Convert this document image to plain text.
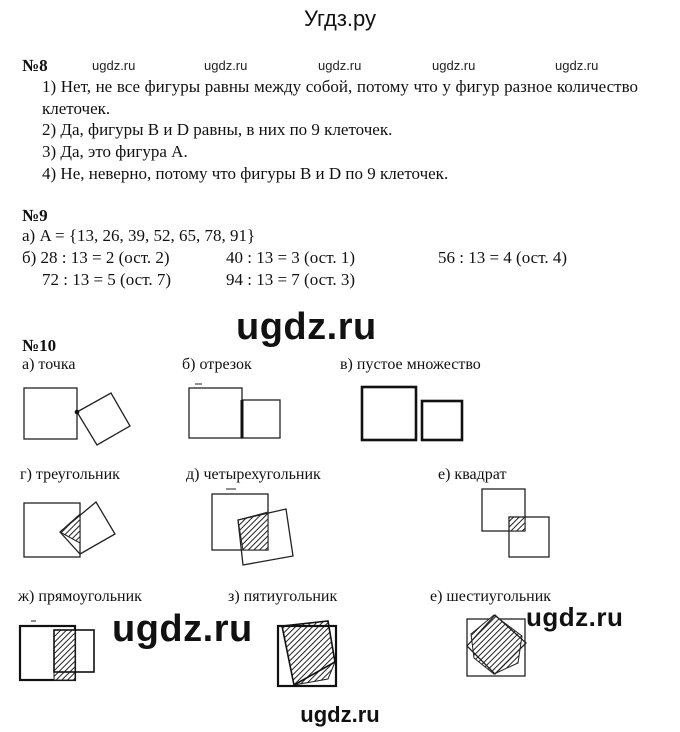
Угдз.ру
ugdz.ru	ugdz.ru	ugdz.ru	ugdz.ru	ugdz.ru
№8
1) Нет, не все фигуры равны между собой, потому что у фигур разное количество клеточек.
2) Да, фигуры B и D равны, в них по 9 клеточек.
3) Да, это фигура A.
4) Не, неверно, потому что фигуры B и D по 9 клеточек.
№9
а) A = {13, 26, 39, 52, 65, 78, 91}
б) 28 : 13 = 2 (ост. 2)	40 : 13 = 3 (ост. 1)	56 : 13 = 4 (ост. 4)
72 : 13 = 5 (ост. 7)	94 : 13 = 7 (ост. 3)
ugdz.ru
№10
а) точка	б) отрезок	в) пустое множество
г) треугольник	д) четырехугольник	е) квадрат
ж) прямоугольник	з) пятиугольник	е) шестиугольник
ugdz.ru	ugdz.ru
ugdz.ru
